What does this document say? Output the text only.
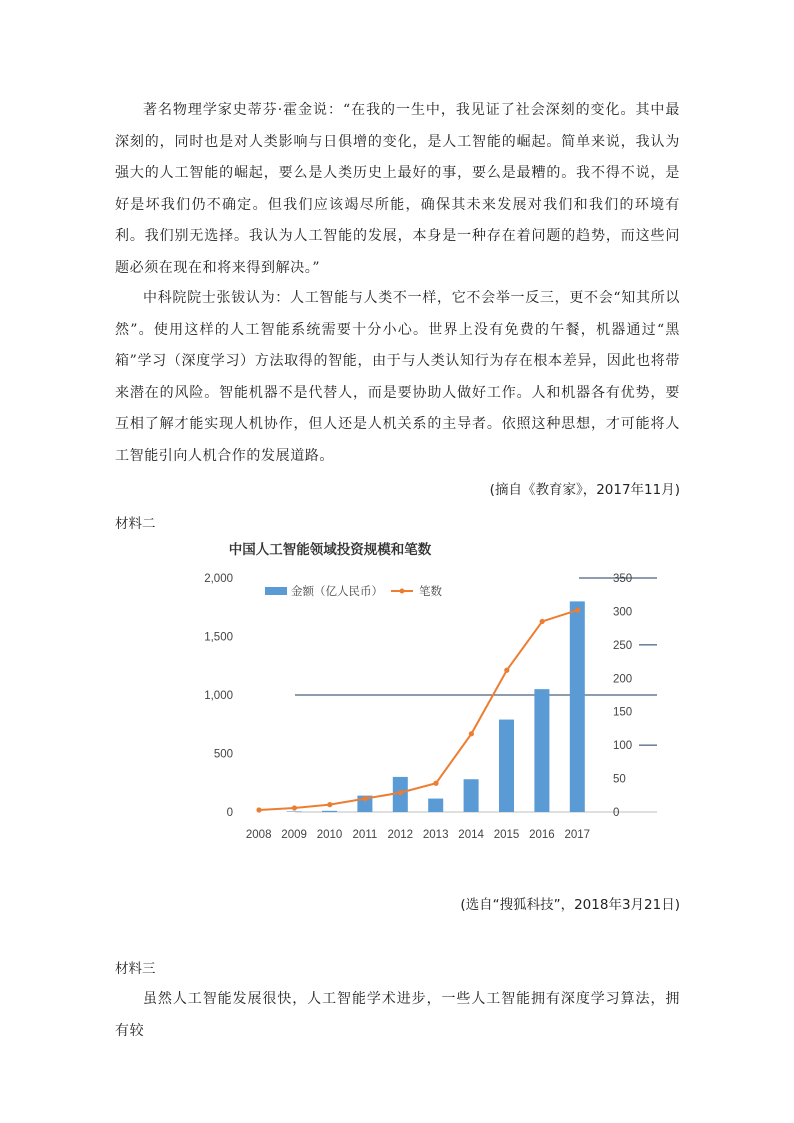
著名物理学家史蒂芬·霍金说：“在我的一生中，我见证了社会深刻的变化。其中最深刻的，同时也是对人类影响与日俱增的变化，是人工智能的崛起。简单来说，我认为强大的人工智能的崛起，要么是人类历史上最好的事，要么是最糟的。我不得不说，是好是坏我们仍不确定。但我们应该竭尽所能，确保其未来发展对我们和我们的环境有利。我们别无选择。我认为人工智能的发展，本身是一种存在着问题的趋势，而这些问题必须在现在和将来得到解决。”

中科院院士张钹认为：人工智能与人类不一样，它不会举一反三，更不会“知其所以然”。使用这样的人工智能系统需要十分小心。世界上没有免费的午餐，机器通过“黑箱”学习（深度学习）方法取得的智能，由于与人类认知行为存在根本差异，因此也将带来潜在的风险。智能机器不是代替人，而是要协助人做好工作。人和机器各有优势，要互相了解才能实现人机协作，但人还是人机关系的主导者。依照这种思想，才可能将人工智能引向人机合作的发展道路。

(摘自《教育家》，2017年11月)
材料二
中国人工智能领域投资规模和笔数
0
500
1,000
1,500
2,000
0
50
100
150
200
250
300
350
2008 2009 2010 2011 2012 2013 2014 2015 2016 2017
金额（亿人民币）	笔数
(选自“搜狐科技”，2018年3月21日)
材料三

虽然人工智能发展很快，人工智能学术进步，一些人工智能拥有深度学习算法，拥有较
